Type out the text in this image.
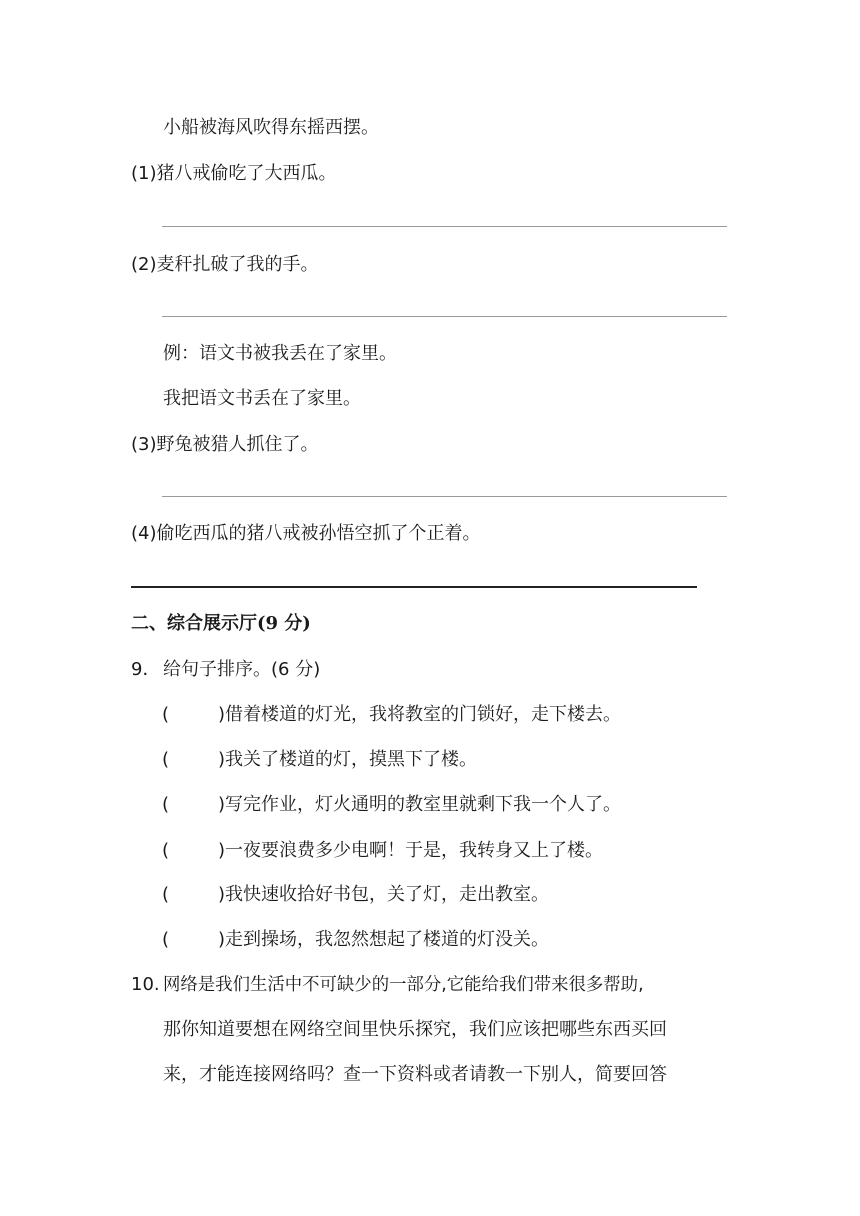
小船被海风吹得东摇西摆。
(1)猪八戒偷吃了大西瓜。
(2)麦秆扎破了我的手。
例：语文书被我丢在了家里。
我把语文书丢在了家里。
(3)野兔被猎人抓住了。
(4)偷吃西瓜的猪八戒被孙悟空抓了个正着。
二、综合展示厅(9 分)
9． 给句子排序。(6 分)
(	) 借着楼道的灯光，我将教室的门锁好，走下楼去。
(	) 我关了楼道的灯，摸黑下了楼。
(	) 写完作业，灯火通明的教室里就剩下我一个人了。
(	) 一夜要浪费多少电啊！于是，我转身又上了楼。
(	) 我快速收拾好书包，关了灯，走出教室。
(	) 走到操场，我忽然想起了楼道的灯没关。
10. 网络是我们生活中不可缺少的一部分,它能给我们带来很多帮助,
那你知道要想在网络空间里快乐探究，我们应该把哪些东西买回
来，才能连接网络吗？查一下资料或者请教一下别人，简要回答
